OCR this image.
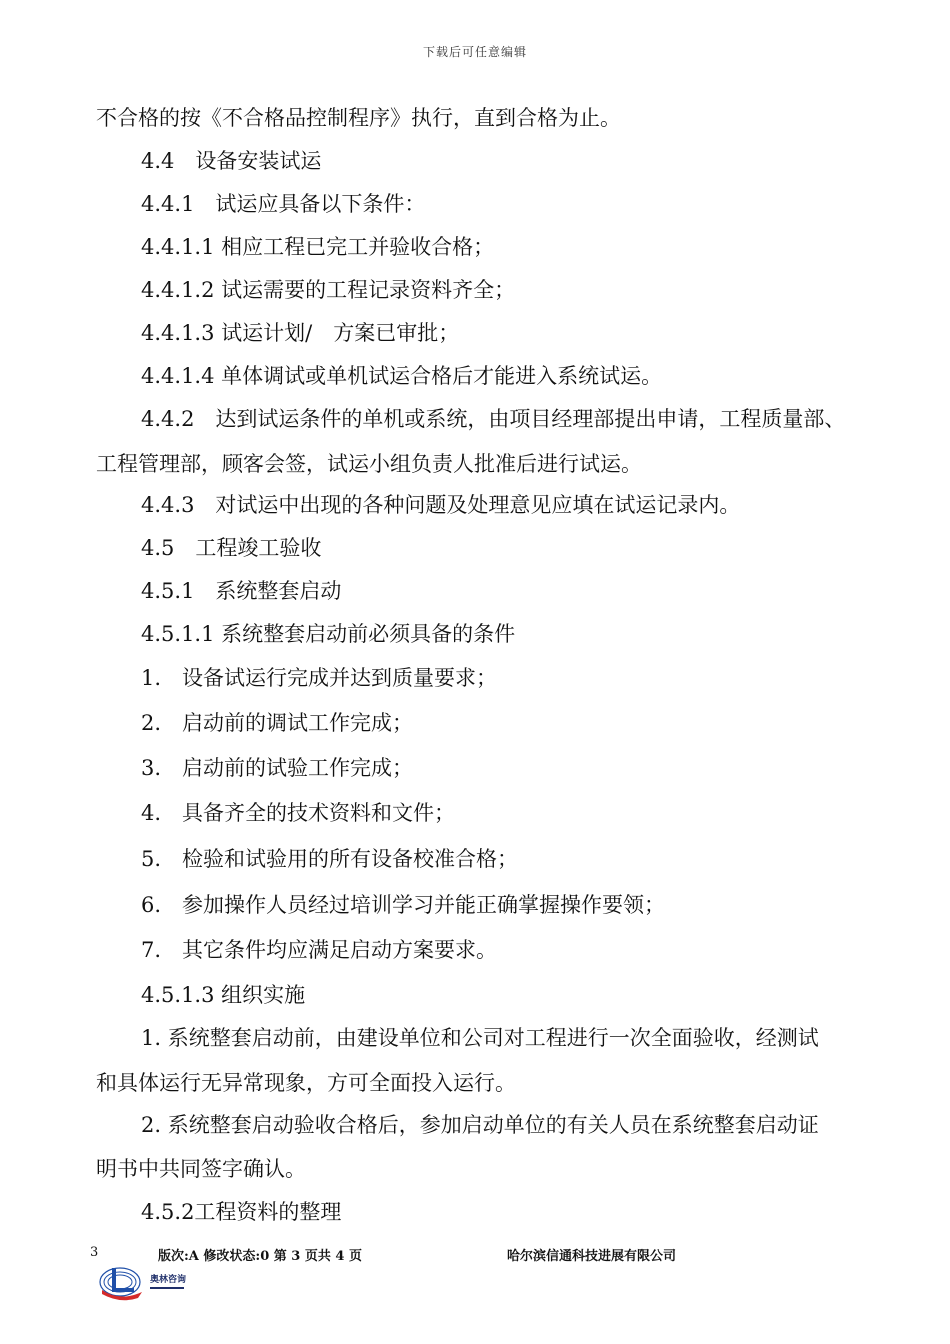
下载后可任意编辑
不合格的按《不合格品控制程序》执行，直到合格为止。
4.4 设备安装试运
4.4.1　试运应具备以下条件：
4.4.1.1 相应工程已完工并验收合格；
4.4.1.2 试运需要的工程记录资料齐全；
4.4.1.3 试运计划/　方案已审批；
4.4.1.4 单体调试或单机试运合格后才能进入系统试运。
4.4.2　达到试运条件的单机或系统，由项目经理部提出申请，工程质量部、
工程管理部，顾客会签，试运小组负责人批准后进行试运。
4.4.3　对试运中出现的各种问题及处理意见应填在试运记录内。
4.5 工程竣工验收
4.5.1　系统整套启动
4.5.1.1 系统整套启动前必须具备的条件
1.　设备试运行完成并达到质量要求；
2.　启动前的调试工作完成；
3.　启动前的试验工作完成；
4.　具备齐全的技术资料和文件；
5.　检验和试验用的所有设备校准合格；
6.　参加操作人员经过培训学习并能正确掌握操作要领；
7.　其它条件均应满足启动方案要求。
4.5.1.3 组织实施
1. 系统整套启动前，由建设单位和公司对工程进行一次全面验收，经测试
和具体运行无异常现象，方可全面投入运行。
2. 系统整套启动验收合格后，参加启动单位的有关人员在系统整套启动证
明书中共同签字确认。
4.5.2工程资料的整理
3	版次:A 修改状态:0 第 3 页共 4 页	哈尔滨信通科技进展有限公司
奥林咨询
